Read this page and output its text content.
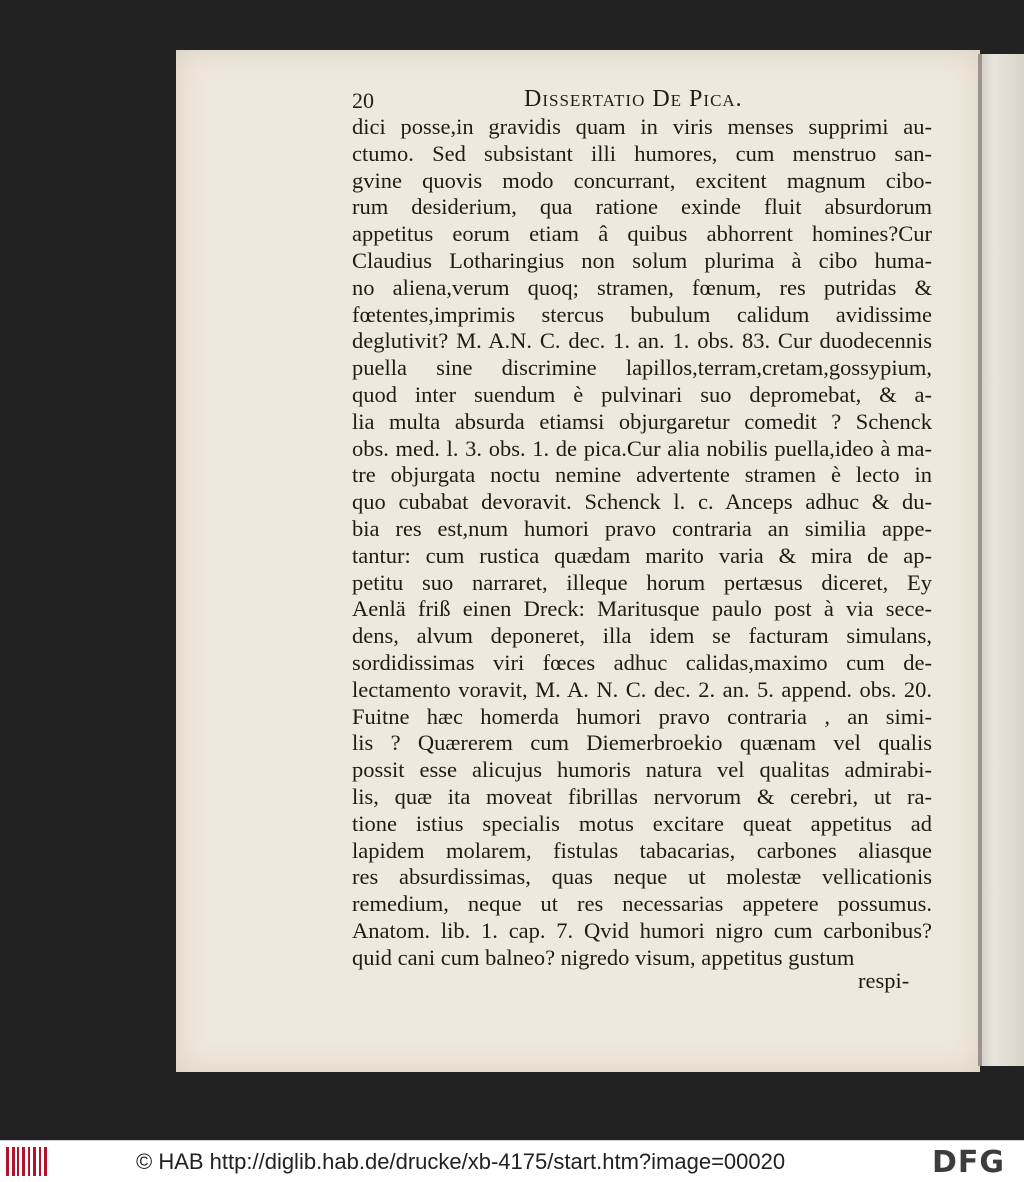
20	Dissertatio De Pica.
dici posse,in gravidis quam in viris menses supprimi au-
ctumo. Sed subsistant illi humores, cum menstruo san-
gvine quovis modo concurrant, excitent magnum cibo-
rum desiderium, qua ratione exinde fluit absurdorum
appetitus eorum etiam â quibus abhorrent homines?Cur
Claudius Lotharingius non solum plurima à cibo huma-
no aliena,verum quoq; stramen, fœnum, res putridas &
fœtentes,imprimis stercus bubulum calidum avidissime
deglutivit? M. A.N. C. dec. 1. an. 1. obs. 83. Cur duodecennis
puella sine discrimine lapillos,terram,cretam,gossypium,
quod inter suendum è pulvinari suo depromebat, & a-
lia multa absurda etiamsi objurgaretur comedit ? Schenck
obs. med. l. 3. obs. 1. de pica.Cur alia nobilis puella,ideo à ma-
tre objurgata noctu nemine advertente stramen è lecto in
quo cubabat devoravit. Schenck l. c. Anceps adhuc & du-
bia res est,num humori pravo contraria an similia appe-
tantur: cum rustica quædam marito varia & mira de ap-
petitu suo narraret, illeque horum pertæsus diceret, Ey
Aenlä friß einen Dreck: Maritusque paulo post à via sece-
dens, alvum deponeret, illa idem se facturam simulans,
sordidissimas viri fœces adhuc calidas,maximo cum de-
lectamento voravit, M. A. N. C. dec. 2. an. 5. append. obs. 20.
Fuitne hæc homerda humori pravo contraria , an simi-
lis ? Quærerem cum Diemerbroekio quænam vel qualis
possit esse alicujus humoris natura vel qualitas admirabi-
lis, quæ ita moveat fibrillas nervorum & cerebri, ut ra-
tione istius specialis motus excitare queat appetitus ad
lapidem molarem, fistulas tabacarias, carbones aliasque
res absurdissimas, quas neque ut molestæ vellicationis
remedium, neque ut res necessarias appetere possumus.
Anatom. lib. 1. cap. 7. Qvid humori nigro cum carbonibus?
quid cani cum balneo? nigredo visum, appetitus gustum
respi-
© HAB http://diglib.hab.de/drucke/xb-4175/start.htm?image=00020	DFG
